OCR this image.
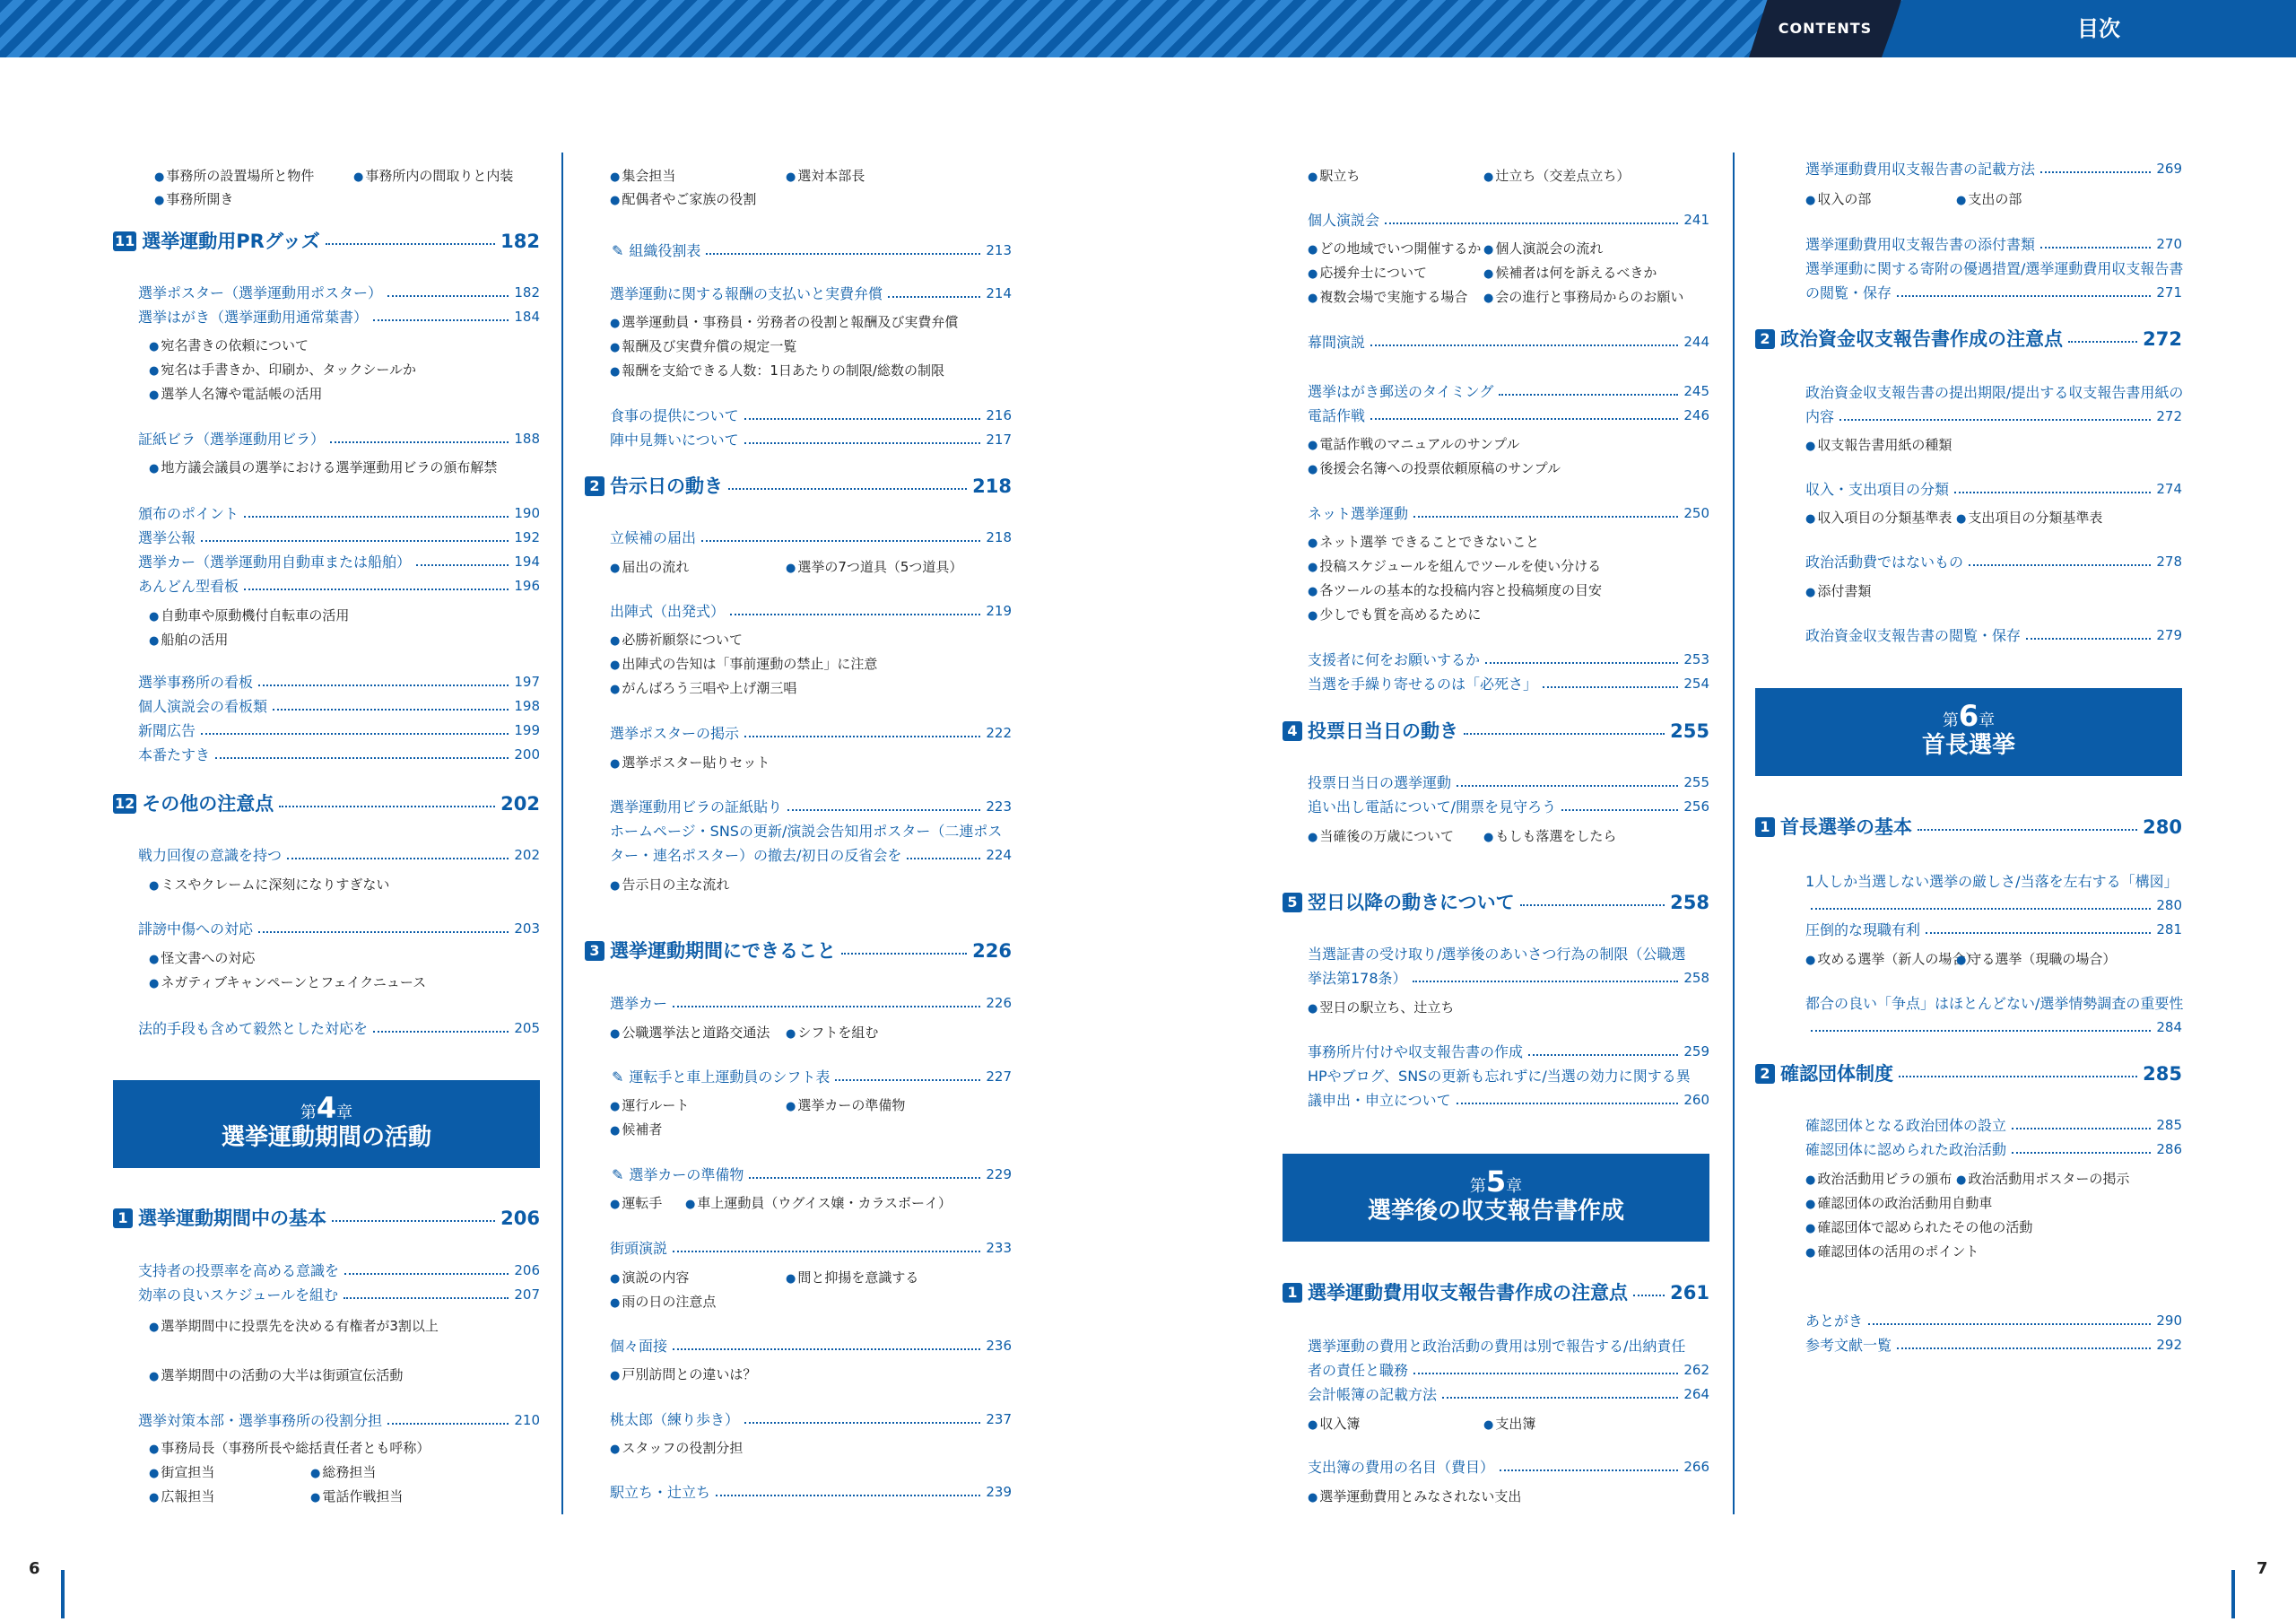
CONTENTS	目次
● 事務所の設置場所と物件	● 事務所内の間取りと内装
● 事務所開き
11 選挙運動用PRグッズ	182
選挙ポスター（選挙運動用ポスター）	182
選挙はがき（選挙運動用通常葉書）	184
● 宛名書きの依頼について
● 宛名は手書きか、印刷か、タックシールか
● 選挙人名簿や電話帳の活用
証紙ビラ（選挙運動用ビラ）	188
● 地方議会議員の選挙における選挙運動用ビラの頒布解禁
頒布のポイント	190
選挙公報	192
選挙カー（選挙運動用自動車または船舶）	194
あんどん型看板	196
● 自動車や原動機付自転車の活用
● 船舶の活用
選挙事務所の看板	197
個人演説会の看板類	198
新聞広告	199
本番たすき	200
12 その他の注意点	202
戦力回復の意識を持つ	202
● ミスやクレームに深刻になりすぎない
誹謗中傷への対応	203
● 怪文書への対応
● ネガティブキャンペーンとフェイクニュース
法的手段も含めて毅然とした対応を	205
第4章
選挙運動期間の活動
1 選挙運動期間中の基本	206
支持者の投票率を高める意識を	206
効率の良いスケジュールを組む	207
● 選挙期間中に投票先を決める有権者が3割以上
● 選挙期間中の活動の大半は街頭宣伝活動
選挙対策本部・選挙事務所の役割分担	210
● 事務局長（事務所長や総括責任者とも呼称）
● 街宣担当	● 総務担当
● 広報担当	● 電話作戦担当
● 集会担当	● 選対本部長
● 配偶者やご家族の役割
✎ 組織役割表	213
選挙運動に関する報酬の支払いと実費弁償	214
● 選挙運動員・事務員・労務者の役割と報酬及び実費弁償
● 報酬及び実費弁償の規定一覧
● 報酬を支給できる人数：1日あたりの制限/総数の制限
食事の提供について	216
陣中見舞いについて	217
2 告示日の動き	218
立候補の届出	218
● 届出の流れ	● 選挙の7つ道具（5つ道具）
出陣式（出発式）	219
● 必勝祈願祭について
● 出陣式の告知は「事前運動の禁止」に注意
● がんばろう三唱や上げ潮三唱
選挙ポスターの掲示	222
● 選挙ポスター貼りセット
選挙運動用ビラの証紙貼り	223
ホームページ・SNSの更新/演説会告知用ポスター（二連ポス
ター・連名ポスター）の撤去/初日の反省会を	224
● 告示日の主な流れ
3 選挙運動期間にできること	226
選挙カー	226
● 公職選挙法と道路交通法	● シフトを組む
✎ 運転手と車上運動員のシフト表	227
● 運行ルート	● 選挙カーの準備物
● 候補者
✎ 選挙カーの準備物	229
● 運転手	● 車上運動員（ウグイス嬢・カラスボーイ）
街頭演説	233
● 演説の内容	● 間と抑揚を意識する
● 雨の日の注意点
個々面接	236
● 戸別訪問との違いは？
桃太郎（練り歩き）	237
● スタッフの役割分担
駅立ち・辻立ち	239
● 駅立ち	● 辻立ち（交差点立ち）
個人演説会	241
● どの地域でいつ開催するか	● 個人演説会の流れ
● 応援弁士について	● 候補者は何を訴えるべきか
● 複数会場で実施する場合	● 会の進行と事務局からのお願い
幕間演説	244
選挙はがき郵送のタイミング	245
電話作戦	246
● 電話作戦のマニュアルのサンプル
● 後援会名簿への投票依頼原稿のサンプル
ネット選挙運動	250
● ネット選挙 できることできないこと
● 投稿スケジュールを組んでツールを使い分ける
● 各ツールの基本的な投稿内容と投稿頻度の目安
● 少しでも質を高めるために
支援者に何をお願いするか	253
当選を手繰り寄せるのは「必死さ」	254
4 投票日当日の動き	255
投票日当日の選挙運動	255
追い出し電話について/開票を見守ろう	256
● 当確後の万歳について	● もしも落選をしたら
5 翌日以降の動きについて	258
当選証書の受け取り/選挙後のあいさつ行為の制限（公職選
挙法第178条）	258
● 翌日の駅立ち、辻立ち
事務所片付けや収支報告書の作成	259
HPやブログ、SNSの更新も忘れずに/当選の効力に関する異
議申出・申立について	260
第5章
選挙後の収支報告書作成
1 選挙運動費用収支報告書作成の注意点 261
選挙運動の費用と政治活動の費用は別で報告する/出納責任
者の責任と職務	262
会計帳簿の記載方法	264
● 収入簿	● 支出簿
支出簿の費用の名目（費目）	266
● 選挙運動費用とみなされない支出
選挙運動費用収支報告書の記載方法	269
● 収入の部	● 支出の部
選挙運動費用収支報告書の添付書類	270
選挙運動に関する寄附の優遇措置/選挙運動費用収支報告書
の閲覧・保存	271
2 政治資金収支報告書作成の注意点	272
政治資金収支報告書の提出期限/提出する収支報告書用紙の
内容	272
● 収支報告書用紙の種類
収入・支出項目の分類	274
● 収入項目の分類基準表	● 支出項目の分類基準表
政治活動費ではないもの	278
● 添付書類
政治資金収支報告書の閲覧・保存	279
第6章
首長選挙
1 首長選挙の基本	280
1人しか当選しない選挙の厳しさ/当落を左右する「構図」
280
圧倒的な現職有利	281
● 攻める選挙（新人の場合）
● 守る選挙（現職の場合）
都合の良い「争点」はほとんどない/選挙情勢調査の重要性
284
2 確認団体制度	285
確認団体となる政治団体の設立	285
確認団体に認められた政治活動	286
● 政治活動用ビラの頒布	● 政治活動用ポスターの掲示
● 確認団体の政治活動用自動車
● 確認団体で認められたその他の活動
● 確認団体の活用のポイント
あとがき	290
参考文献一覧	292
6	7
